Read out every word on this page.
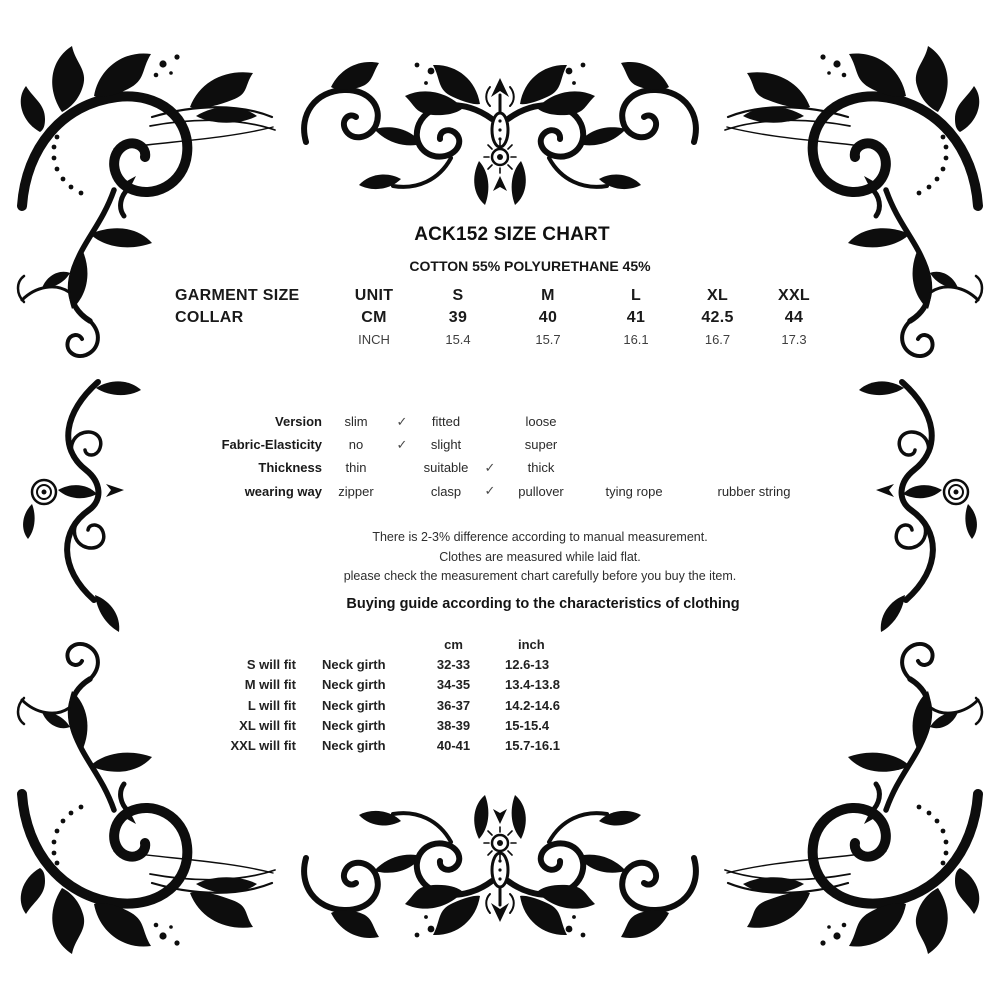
ACK152 SIZE CHART
COTTON 55% POLYURETHANE 45%
GARMENT SIZE	UNIT	S	M	L	XL	XXL
COLLAR	CM	39	40	41	42.5	44
INCH	15.4	15.7	16.1	16.7	17.3
Version	slim	✓	fitted	loose
Fabric-Elasticity	no	✓	slight	super
Thickness	thin	suitable	✓	thick
wearing way	zipper	clasp	✓	pullover	tying rope	rubber string
There is 2-3% difference according to manual measurement.
Clothes are measured while laid flat.
please check the measurement chart carefully before you buy the item.
Buying guide according to the characteristics of clothing
cm	inch
S will fit Neck girth	32-33	12.6-13
M will fit Neck girth	34-35	13.4-13.8
L will fit Neck girth	36-37	14.2-14.6
XL will fit Neck girth	38-39	15-15.4
XXL will fit Neck girth	40-41	15.7-16.1
